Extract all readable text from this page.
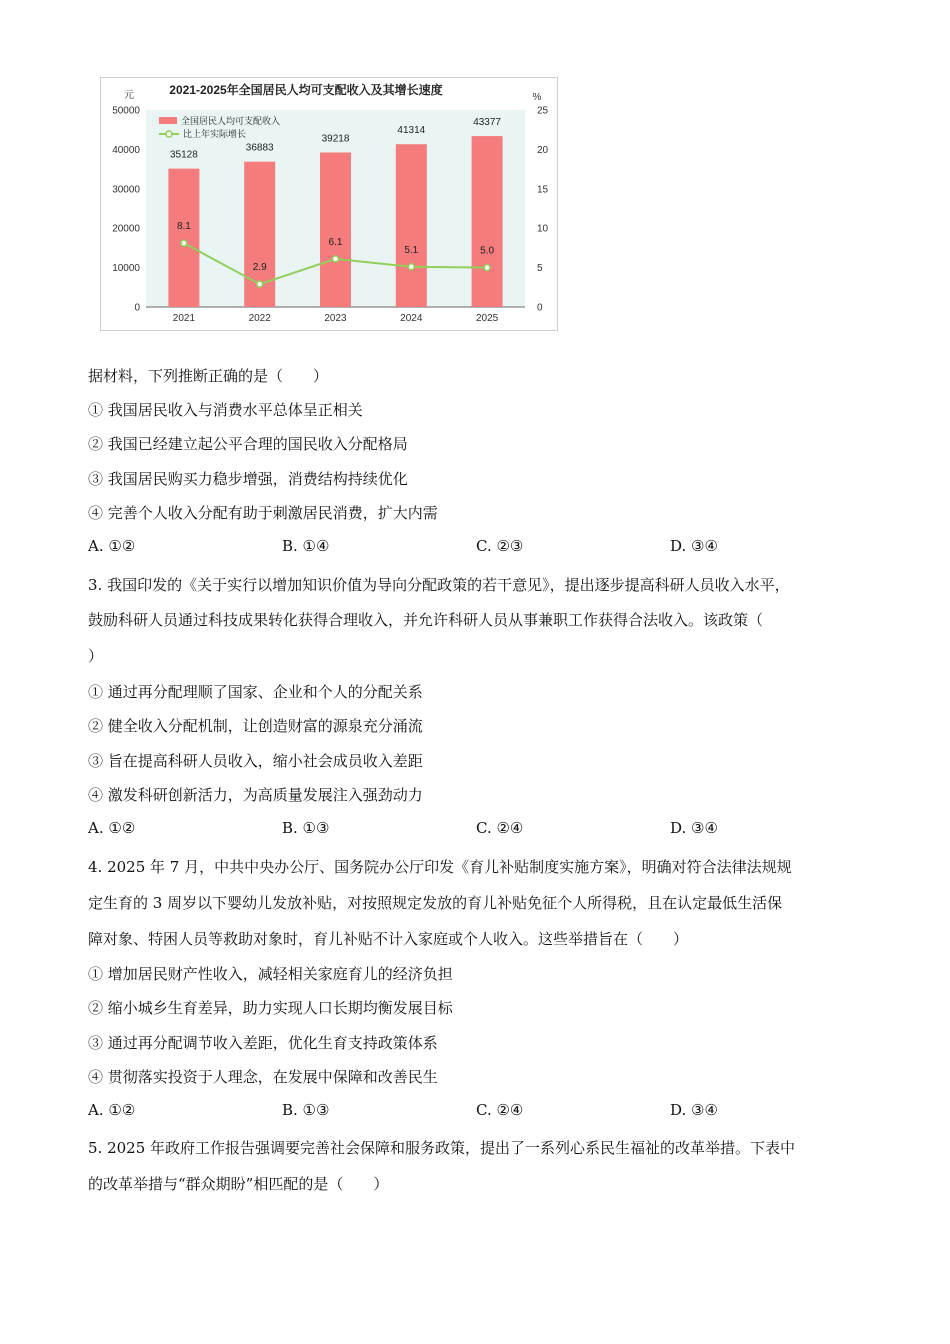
2021-2025年全国居民人均可支配收入及其增长速度
元	%
0
10000
20000
30000
40000
50000
0
5
10
15
20
25
35128
36883
39218
41314
43377
8.1
2.9
6.1
5.1	5.0
2021	2022	2023	2024	2025
全国居民人均可支配收入
比上年实际增长
据材料，下列推断正确的是（　　）
① 我国居民收入与消费水平总体呈正相关
② 我国已经建立起公平合理的国民收入分配格局
③ 我国居民购买力稳步增强，消费结构持续优化
④ 完善个人收入分配有助于刺激居民消费，扩大内需
A. ①②	B. ①④	C. ②③	D. ③④
3. 我国印发的《关于实行以增加知识价值为导向分配政策的若干意见》，提出逐步提高科研人员收入水平，
鼓励科研人员通过科技成果转化获得合理收入，并允许科研人员从事兼职工作获得合法收入。该政策（
）
① 通过再分配理顺了国家、企业和个人的分配关系
② 健全收入分配机制，让创造财富的源泉充分涌流
③ 旨在提高科研人员收入，缩小社会成员收入差距
④ 激发科研创新活力，为高质量发展注入强劲动力
A. ①②	B. ①③	C. ②④	D. ③④
4. 2025 年 7 月，中共中央办公厅、国务院办公厅印发《育儿补贴制度实施方案》，明确对符合法律法规规
定生育的 3 周岁以下婴幼儿发放补贴，对按照规定发放的育儿补贴免征个人所得税，且在认定最低生活保
障对象、特困人员等救助对象时，育儿补贴不计入家庭或个人收入。这些举措旨在（　　）
① 增加居民财产性收入，减轻相关家庭育儿的经济负担
② 缩小城乡生育差异，助力实现人口长期均衡发展目标
③ 通过再分配调节收入差距，优化生育支持政策体系
④ 贯彻落实投资于人理念，在发展中保障和改善民生
A. ①②	B. ①③	C. ②④	D. ③④
5. 2025 年政府工作报告强调要完善社会保障和服务政策，提出了一系列心系民生福祉的改革举措。下表中
的改革举措与“群众期盼”相匹配的是（　　）
